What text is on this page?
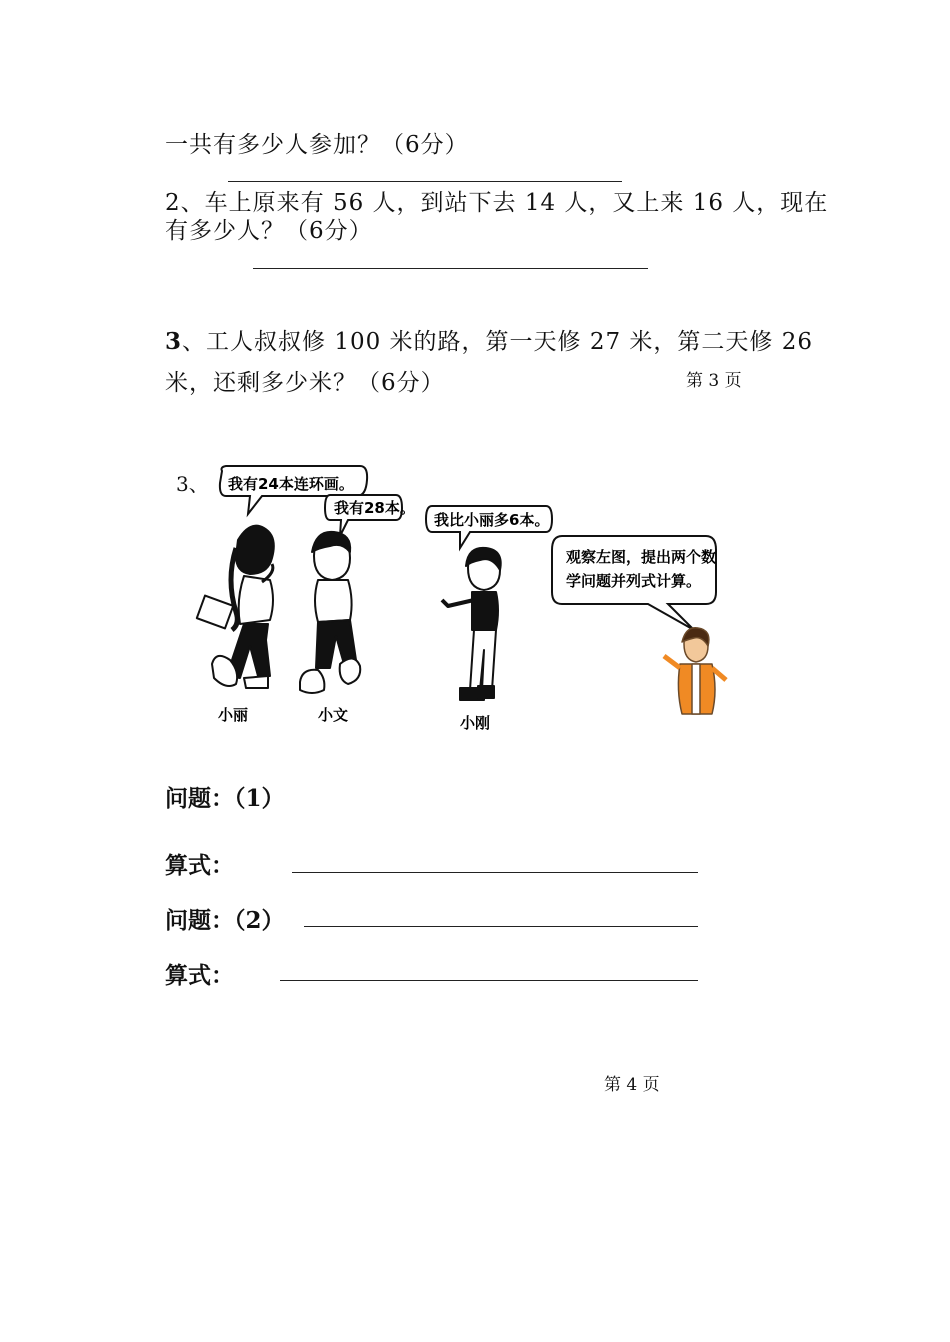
一共有多少人参加？（6分）
2、车上原来有 56 人，到站下去 14 人，又上来 16 人，现在
有多少人？（6分）
3、工人叔叔修 100 米的路，第一天修 27 米，第二天修 26
米，还剩多少米？（6分）	第 3 页
3、 我有24本连环画。
我有28本。
我比小丽多6本。
观察左图，提出两个数
学问题并列式计算。
小丽	小文	小刚
问题：（1）
算式：
问题：（2）
算式：
第 4 页
